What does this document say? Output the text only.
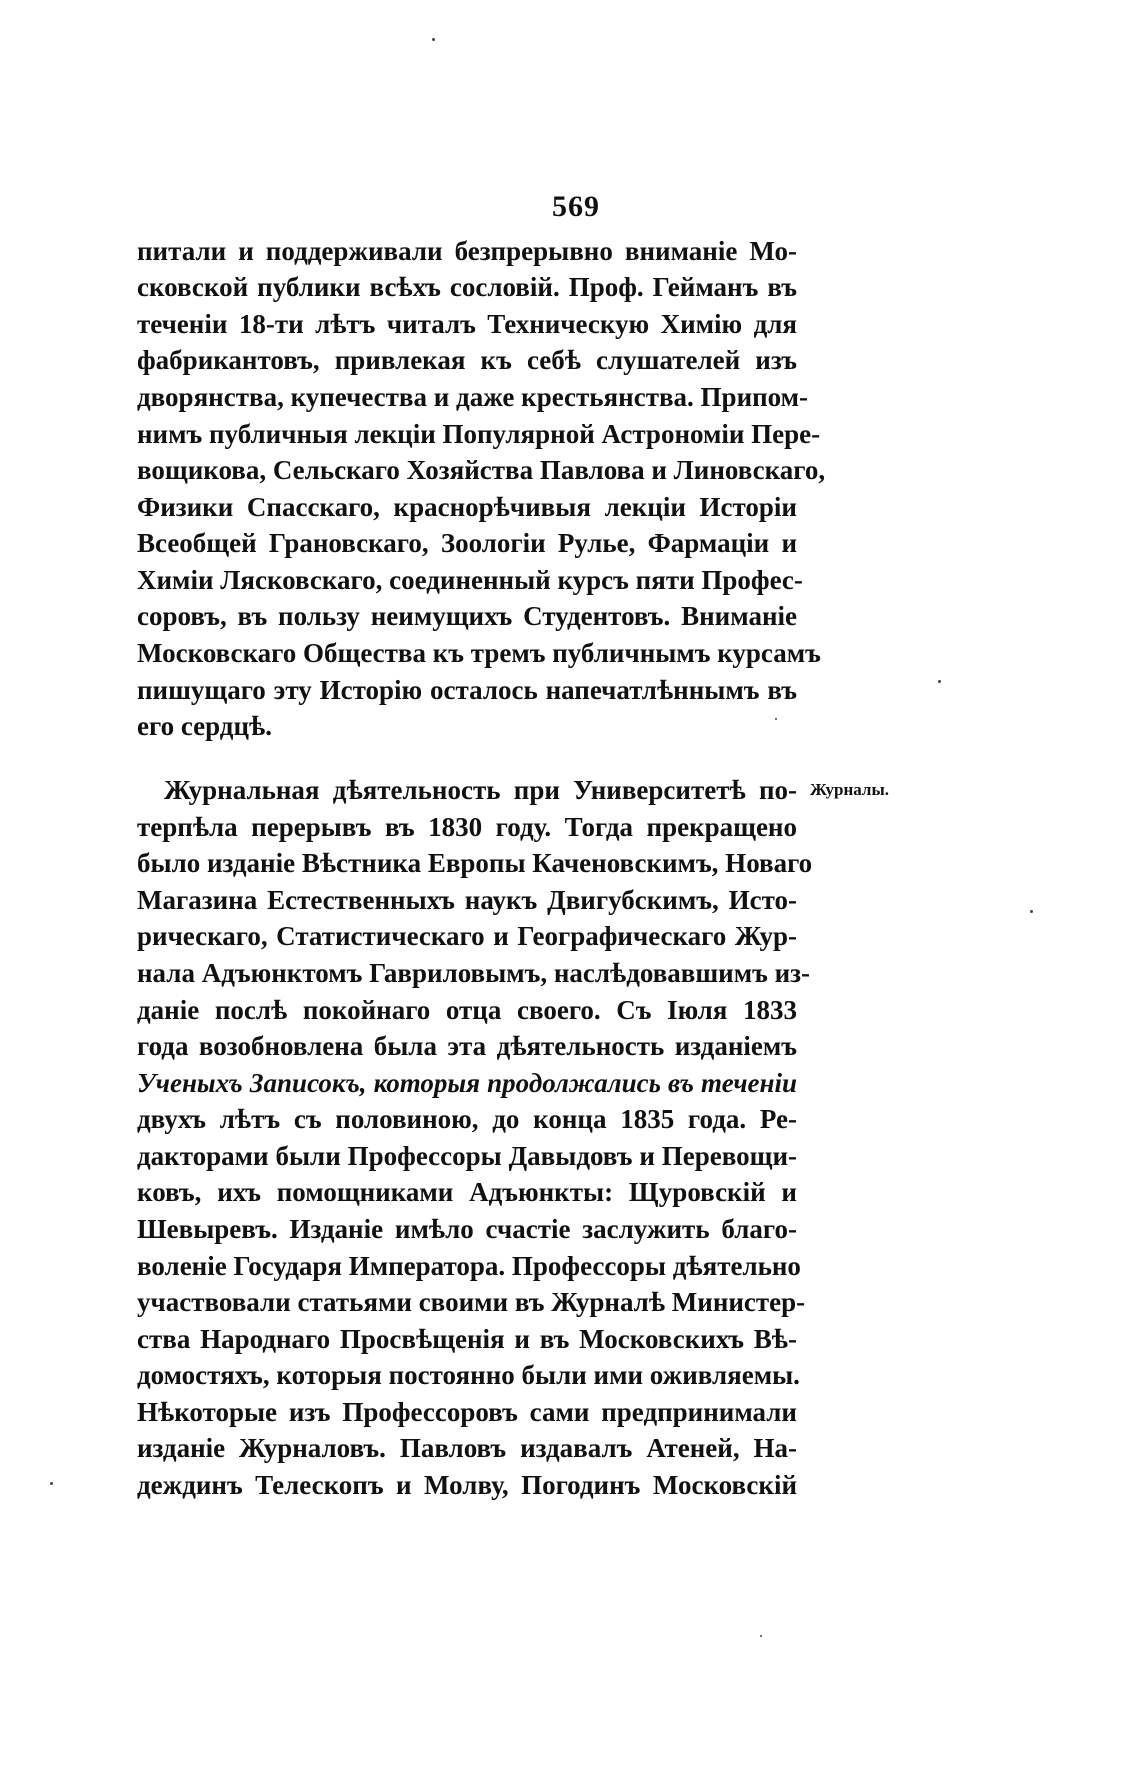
569
питали и поддерживали безпрерывно вниманіе Мо-
сковской публики всѣхъ сословій. Проф. Гейманъ въ
теченіи 18-ти лѣтъ читалъ Техническую Химію для
фабрикантовъ, привлекая къ себѣ слушателей изъ
дворянства, купечества и даже крестьянства. Припом-
нимъ публичныя лекціи Популярной Астрономіи Пере-
вощикова, Сельскаго Хозяйства Павлова и Линовскаго,
Физики Спасскаго, краснорѣчивыя лекціи Исторіи
Всеобщей Грановскаго, Зоологіи Рулье, Фармаціи и
Химіи Лясковскаго, соединенный курсъ пяти Профес-
соровъ, въ пользу неимущихъ Студентовъ. Вниманіе
Московскаго Общества къ тремъ публичнымъ курсамъ
пишущаго эту Исторію осталось напечатлѣннымъ въ
его сердцѣ.
Журналы.
Журнальная дѣятельность при Университетѣ по-
терпѣла перерывъ въ 1830 году. Тогда прекращено
было изданіе Вѣстника Европы Каченовскимъ, Новаго
Магазина Естественныхъ наукъ Двигубскимъ, Исто-
рическаго, Статистическаго и Географическаго Жур-
нала Адъюнктомъ Гавриловымъ, наслѣдовавшимъ из-
даніе послѣ покойнаго отца своего. Съ Іюля 1833
года возобновлена была эта дѣятельность изданіемъ
Ученыхъ Записокъ, которыя продолжались въ теченіи
двухъ лѣтъ съ половиною, до конца 1835 года. Ре-
дакторами были Профессоры Давыдовъ и Перевощи-
ковъ, ихъ помощниками Адъюнкты: Щуровскій и
Шевыревъ. Изданіе имѣло счастіе заслужить благо-
воленіе Государя Императора. Профессоры дѣятельно
участвовали статьями своими въ Журналѣ Министер-
ства Народнаго Просвѣщенія и въ Московскихъ Вѣ-
домостяхъ, которыя постоянно были ими оживляемы.
Нѣкоторые изъ Профессоровъ сами предпринимали
изданіе Журналовъ. Павловъ издавалъ Атеней, На-
деждинъ Телескопъ и Молву, Погодинъ Московскій
